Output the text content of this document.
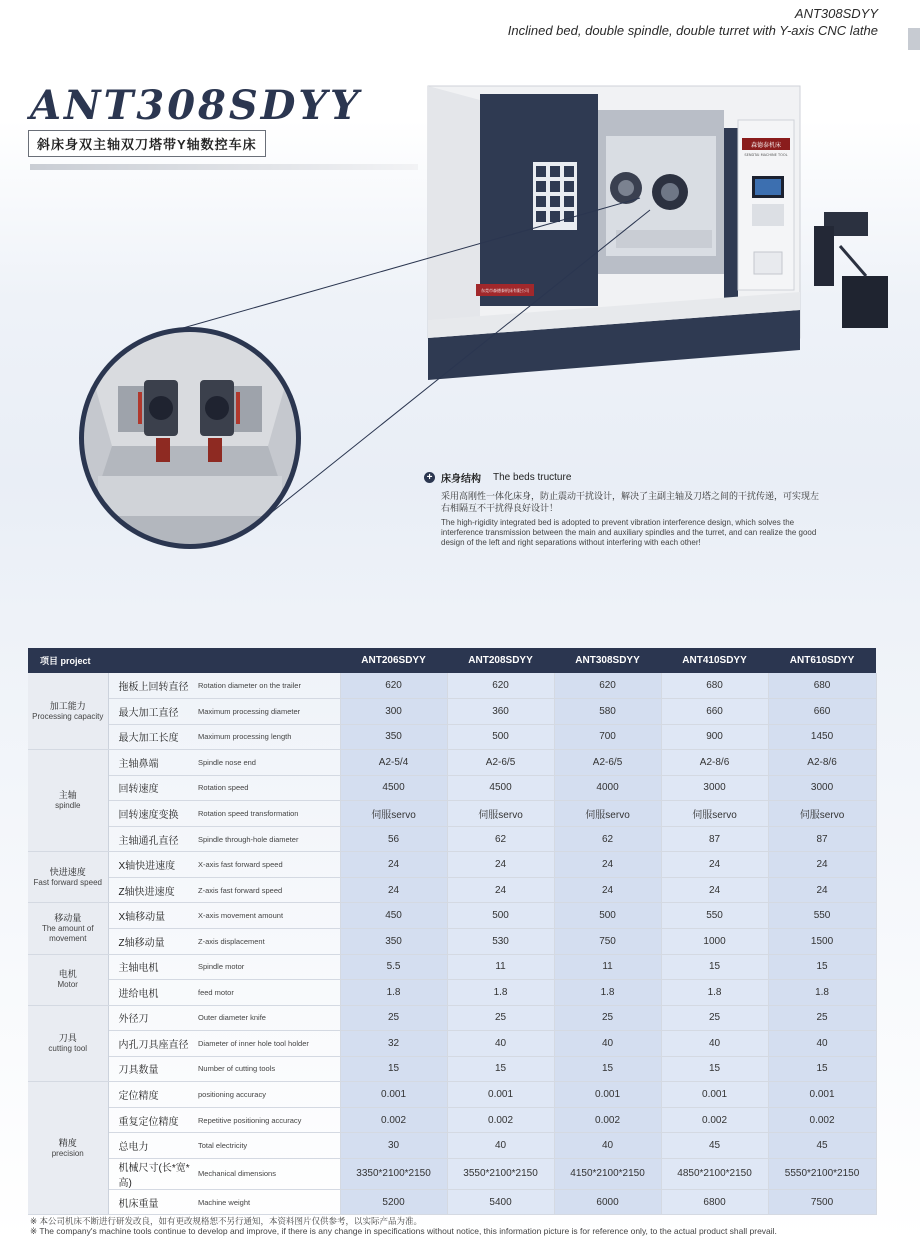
ANT308SDYY
Inclined bed, double spindle, double turret with Y-axis CNC lathe
ANT308SDYY
斜床身双主轴双刀塔带Y轴数控车床	森德泰机床
SENDTAI MACHINE TOOL
东莞市森德泰机床有限公司
+ 床身结构 The beds tructure
采用高刚性一体化床身，防止震动干扰设计，解决了主副主轴及刀塔之间的干扰传递，可实现左右相隔互不干扰得良好设计！
The high-rigidity integrated bed is adopted to prevent vibration interference design, which solves the interference transmission between the main and auxiliary spindles and the turret, and can realize the good design of the left and right separations without interfering with each other!
项目 project			ANT206SDYY	ANT208SDYY	ANT308SDYY	ANT410SDYY	ANT610SDYY
加工能力
Processing capacity	拖板上回转直径	Rotation diameter on the trailer	620	620	620	680	680
	最大加工直径	Maximum processing diameter	300	360	580	660	660
	最大加工长度	Maximum processing length	350	500	700	900	1450
主轴
spindle	主轴鼻端	Spindle nose end	A2-5/4	A2-6/5	A2-6/5	A2-8/6	A2-8/6
	回转速度	Rotation speed	4500	4500	4000	3000	3000
	回转速度变换	Rotation speed transformation	伺服servo	伺服servo	伺服servo	伺服servo	伺服servo
	主轴通孔直径	Spindle through-hole diameter	56	62	62	87	87
快进速度
Fast forward speed	X轴快进速度	X-axis fast forward speed	24	24	24	24	24
	Z轴快进速度	Z-axis fast forward speed	24	24	24	24	24
移动量
The amount of movement	X轴移动量	X-axis movement amount	450	500	500	550	550
	Z轴移动量	Z-axis displacement	350	530	750	1000	1500
电机
Motor	主轴电机	Spindle motor	5.5	11	11	15	15
	进给电机	feed motor	1.8	1.8	1.8	1.8	1.8
刀具
cutting tool	外径刀	Outer diameter knife	25	25	25	25	25
	内孔刀具座直径	Diameter of inner hole tool holder	32	40	40	40	40
	刀具数量	Number of cutting tools	15	15	15	15	15
精度
precision	定位精度	positioning accuracy	0.001	0.001	0.001	0.001	0.001
	重复定位精度	Repetitive positioning accuracy	0.002	0.002	0.002	0.002	0.002
	总电力	Total electricity	30	40	40	45	45
	机械尺寸(长*宽*高)	Mechanical dimensions	3350*2100*2150	3550*2100*2150	4150*2100*2150	4850*2100*2150	5550*2100*2150
	机床重量	Machine weight	5200	5400	6000	6800	7500
※ 本公司机床不断进行研发改良，如有更改规格恕不另行通知，本资料图片仅供参考，以实际产品为准。
※ The company's machine tools continue to develop and improve, if there is any change in specifications without notice, this information picture is for reference only, to the actual product shall prevail.
